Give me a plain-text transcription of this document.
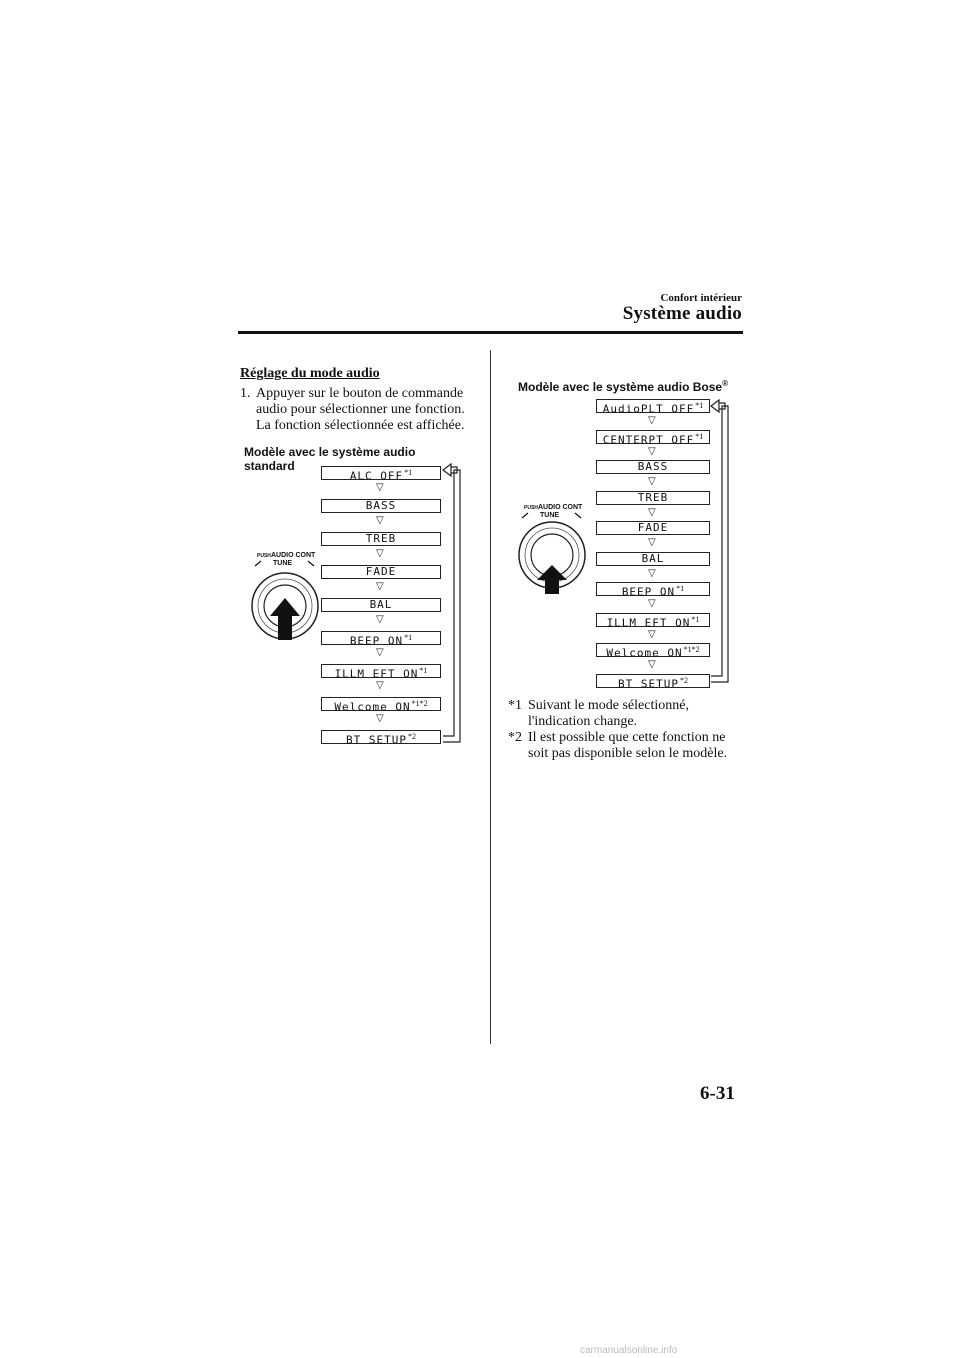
Confort intérieur
Système audio
Réglage du mode audio
1. Appuyer sur le bouton de commande
audio pour sélectionner une fonction.
La fonction sélectionnée est affichée.
Modèle avec le système audio
standard
ALC OFF$^{*1}$
▽
BASS
▽
TREB
▽
FADE
▽
BAL
▽
BEEP ON$^{*1}$
▽
ILLM EFT ON$^{*1}$
▽
Welcome $ON^{*1*2}$
▽
BT SETUP$^{*2}$
PUSH AUDIO CONT
TUNE
Modèle avec le système audio Bose®
AudioPLT OFF$^{*1}$
▽
CENTERPT OFF$^{*1}$
▽
BASS
▽
TREB
▽
FADE
▽
BAL
▽
BEEP ON$^{*1}$
▽
ILLM EFT ON$^{*1}$
▽
Welcome $ON^{*1*2}$
▽
BT SETUP$^{*2}$
PUSH AUDIO CONT
TUNE
*1 Suivant le mode sélectionné,
l'indication change.
*2 Il est possible que cette fonction ne
soit pas disponible selon le modèle.
6-31
carmanualsonline.info
